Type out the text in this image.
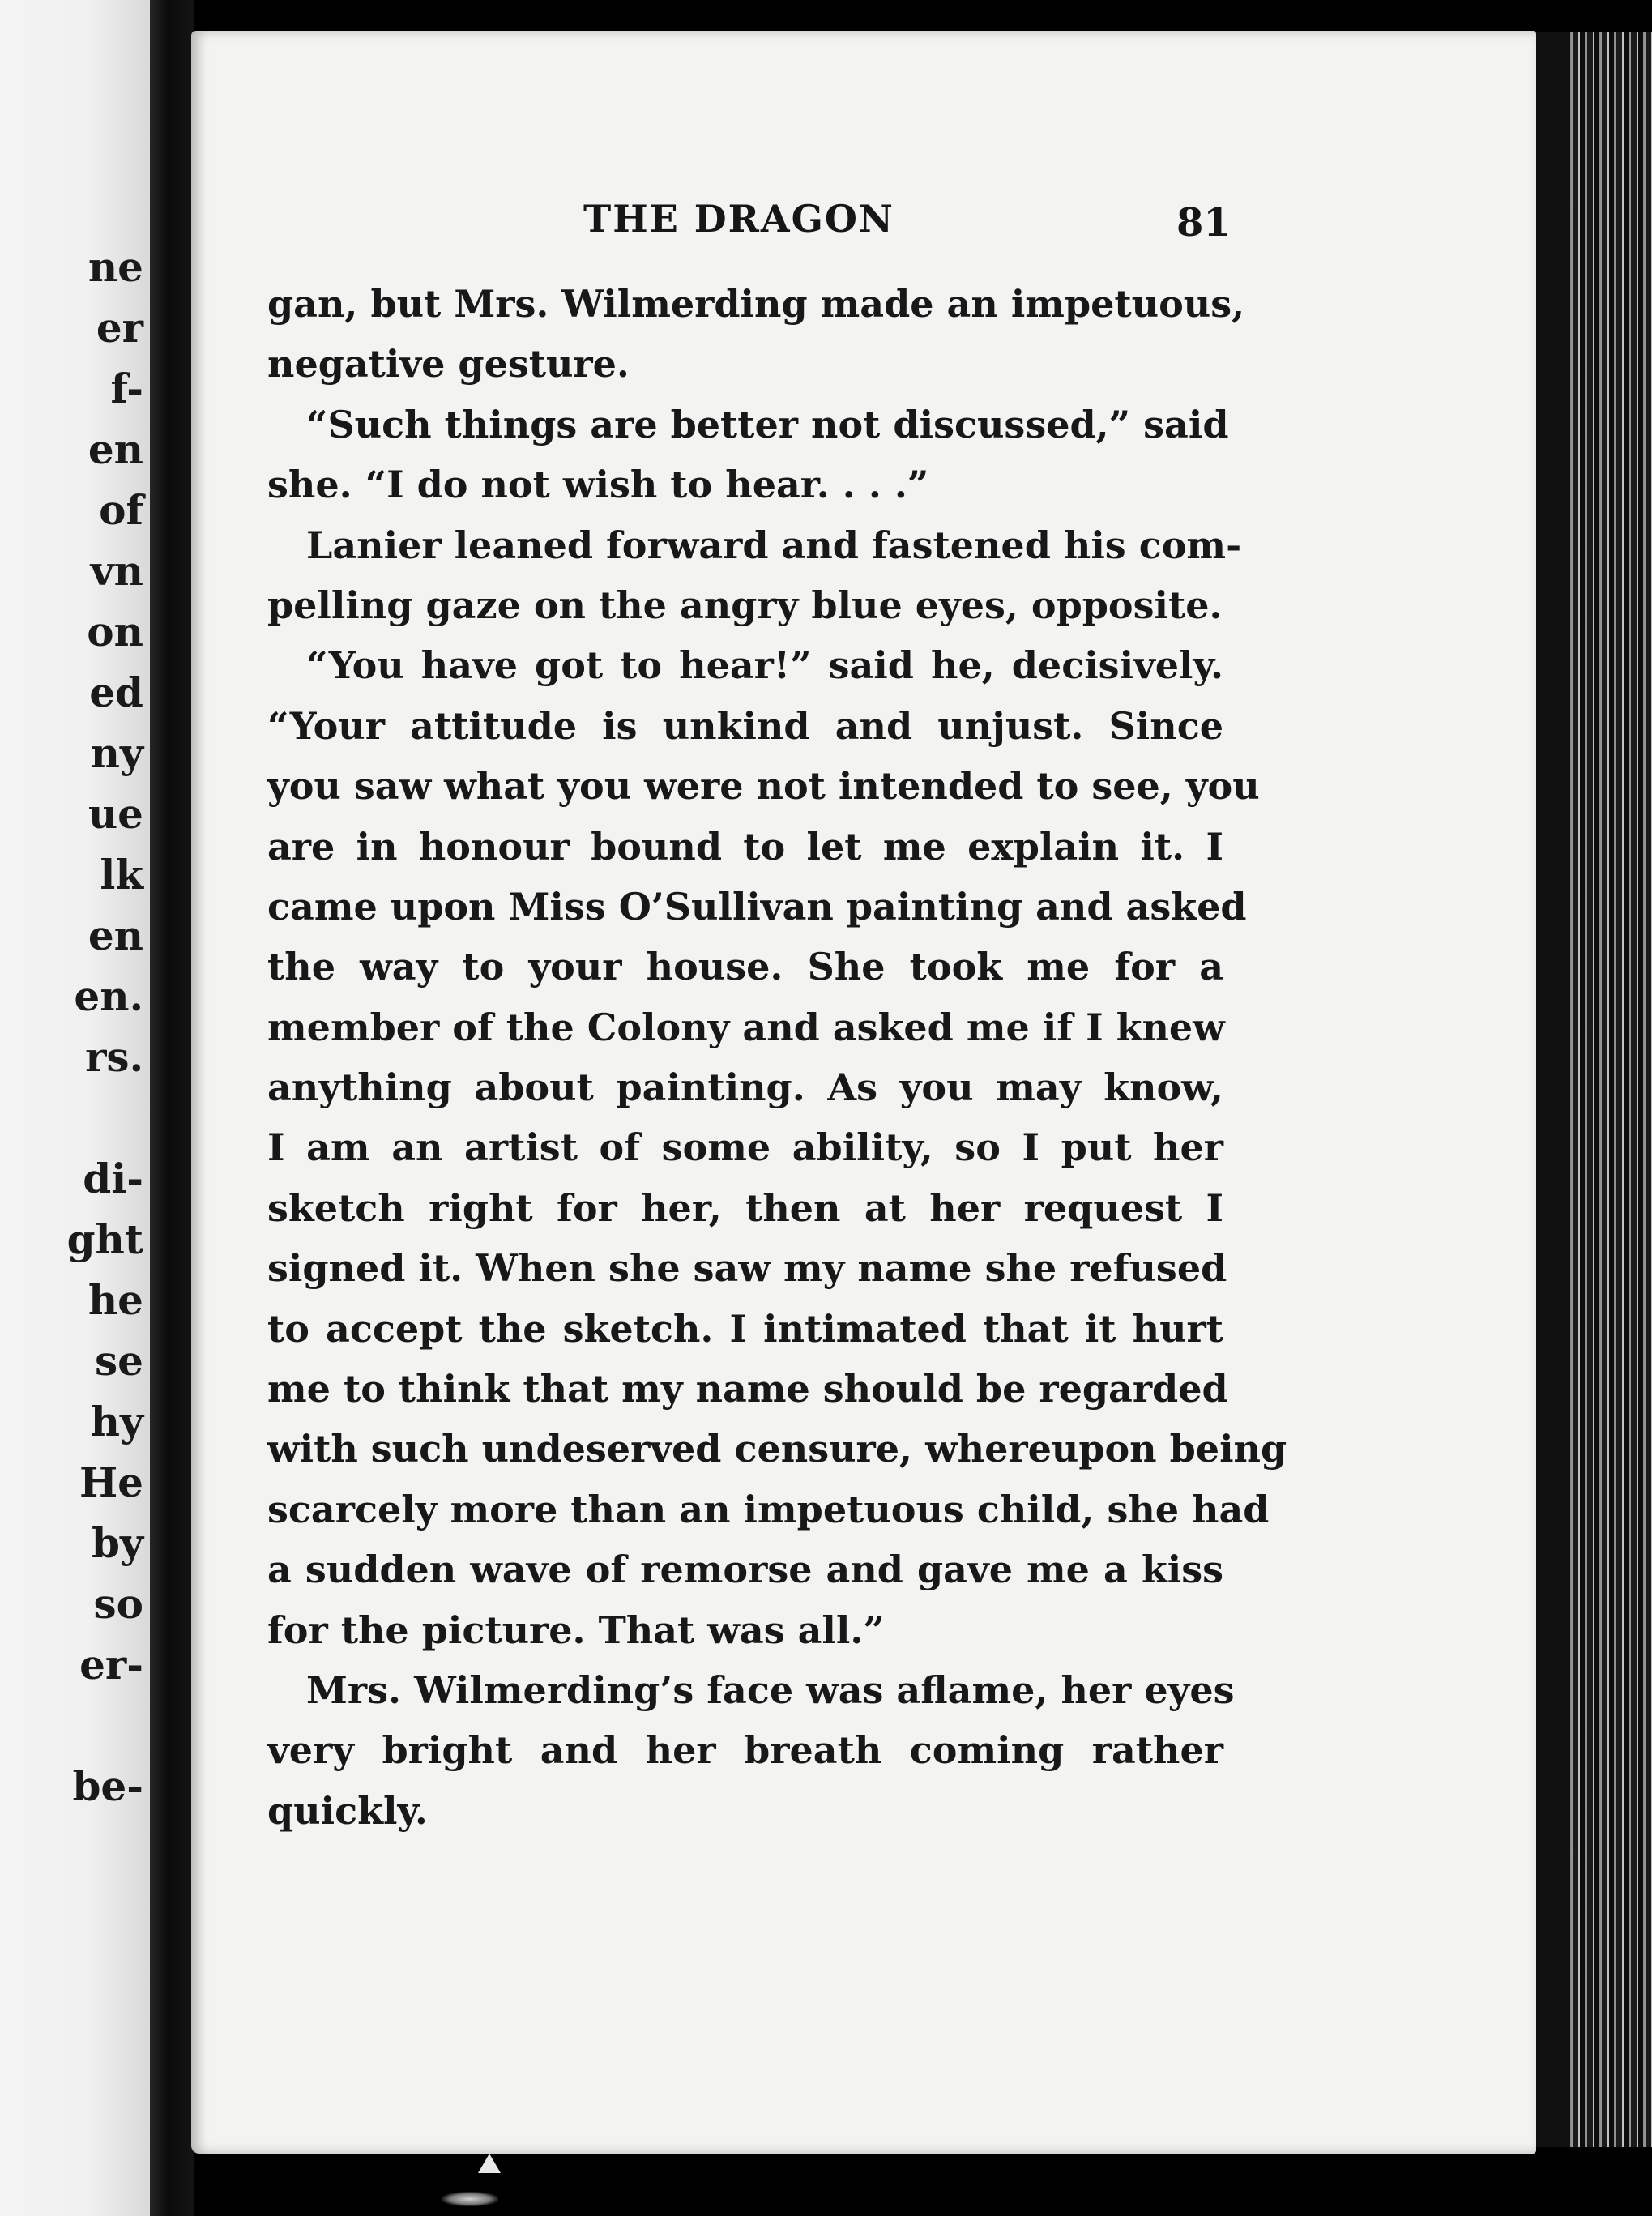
ne
er
f-
en
of
vn
on
ed
ny
ue
lk
en
en.
rs.
di-
ght
he
se
hy
He
by
so
er-
be-
THE DRAGON	81
gan, but Mrs. Wilmerding made an impetuous,
negative gesture.
“Such things are better not discussed,” said
she. “I do not wish to hear. . . .”
Lanier leaned forward and fastened his com-
pelling gaze on the angry blue eyes, opposite.
“You have got to hear!” said he, decisively.
“Your attitude is unkind and unjust. Since
you saw what you were not intended to see, you
are in honour bound to let me explain it. I
came upon Miss O’Sullivan painting and asked
the way to your house. She took me for a
member of the Colony and asked me if I knew
anything about painting. As you may know,
I am an artist of some ability, so I put her
sketch right for her, then at her request I
signed it. When she saw my name she refused
to accept the sketch. I intimated that it hurt
me to think that my name should be regarded
with such undeserved censure, whereupon being
scarcely more than an impetuous child, she had
a sudden wave of remorse and gave me a kiss
for the picture. That was all.”
Mrs. Wilmerding’s face was aflame, her eyes
very bright and her breath coming rather
quickly.
